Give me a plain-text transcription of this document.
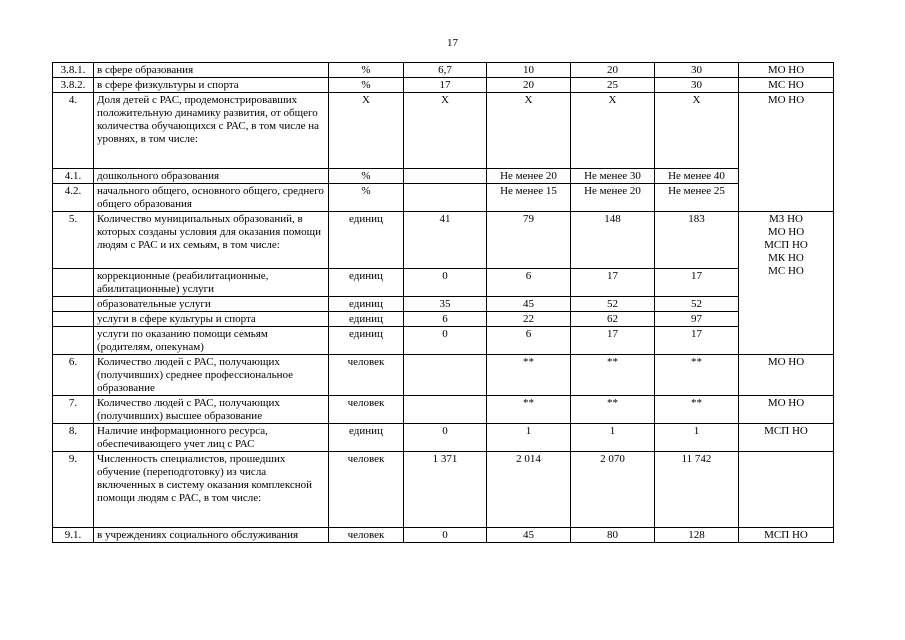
17
3.8.1.	в сфере образования	%	6,7	10	20	30	МО НО
3.8.2.	в сфере физкультуры и спорта	%	17	20	25	30	МС НО
4.	Доля детей с РАС, продемонстрировавших положительную динамику развития, от общего количества обучающихся с РАС, в том числе на уровнях, в том числе:	Х	Х	Х	Х	Х	МО НО
4.1.	дошкольного образования	%		Не менее 20	Не менее 30	Не менее 40	
4.2.	начального общего, основного общего, среднего общего образования	%		Не менее 15	Не менее 20	Не менее 25	
5.	Количество муниципальных образований, в которых созданы условия для оказания помощи людям с РАС и их семьям, в том числе:	единиц	41	79	148	183	МЗ НО
МО НО
МСП НО
МК НО
МС НО

	коррекционные (реабилитационные, абилитационные) услуги	единиц	0	6	17	17	
	образовательные услуги	единиц	35	45	52	52	
	услуги в сфере культуры и спорта	единиц	6	22	62	97	
	услуги по оказанию помощи семьям (родителям, опекунам)	единиц	0	6	17	17	
6.	Количество людей с РАС, получающих (получивших) среднее профессиональное образование	человек		**	**	**	МО НО
7.	Количество людей с РАС, получающих (получивших) высшее образование	человек		**	**	**	МО НО
8.	Наличие информационного ресурса, обеспечивающего учет лиц с РАС	единиц	0	1	1	1	МСП НО
9.	Численность специалистов, прошедших обучение (переподготовку) из числа включенных в систему оказания комплексной помощи людям с РАС, в том числе:	человек	1 371	2 014	2 070	11 742	
9.1.	в учреждениях социального обслуживания	человек	0	45	80	128	МСП НО
